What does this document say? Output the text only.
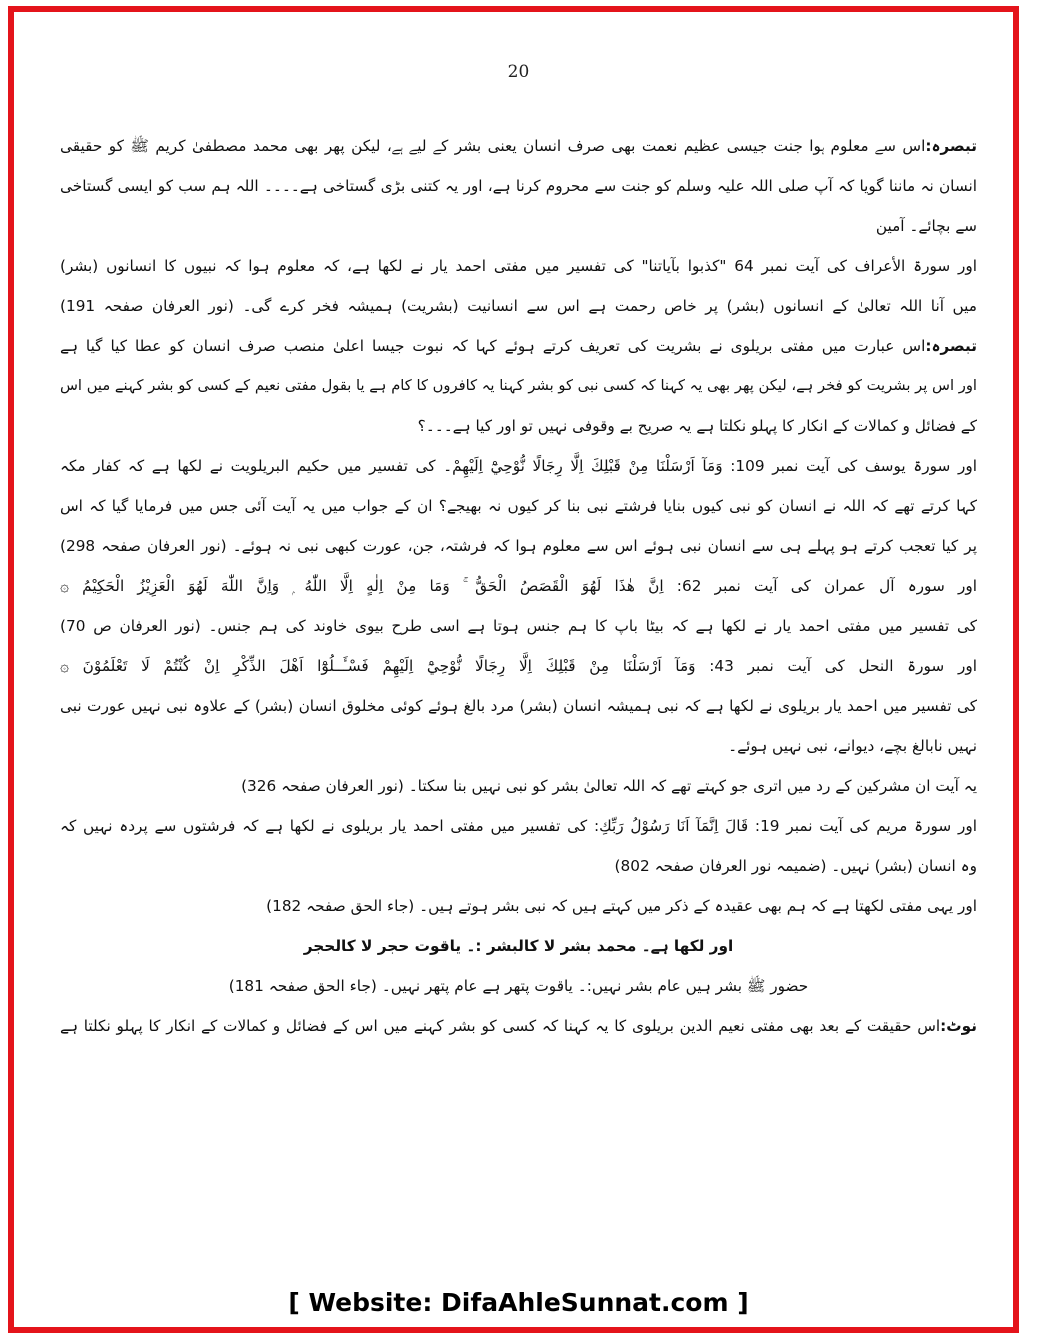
20
تبصرہ:اس سے معلوم ہوا جنت جیسی عظیم نعمت بھی صرف انسان یعنی بشر کے لیے ہے، لیکن پھر بھی محمد مصطفیٰ کریم ﷺ کو حقیقی
انسان نہ ماننا گویا کہ آپ صلی اللہ علیہ وسلم کو جنت سے محروم کرنا ہے، اور یہ کتنی بڑی گستاخی ہے۔۔۔۔ اللہ ہم سب کو ایسی گستاخی
سے بچائے۔ آمین
اور سورۃ الأعراف کی آیت نمبر 64 "کذبوا بآیاتنا" کی تفسیر میں مفتی احمد یار نے لکھا ہے، کہ معلوم ہوا کہ نبیوں کا انسانوں (بشر)
میں آنا اللہ تعالیٰ کے انسانوں (بشر) پر خاص رحمت ہے اس سے انسانیت (بشریت) ہمیشہ فخر کرے گی۔ (نور العرفان صفحہ 191)
تبصرہ:اس عبارت میں مفتی بریلوی نے بشریت کی تعریف کرتے ہوئے کہا کہ نبوت جیسا اعلیٰ منصب صرف انسان کو عطا کیا گیا ہے
اور اس پر بشریت کو فخر ہے، لیکن پھر بھی یہ کہنا کہ کسی نبی کو بشر کہنا یہ کافروں کا کام ہے یا بقول مفتی نعیم کے کسی کو بشر کہنے میں اس
کے فضائل و کمالات کے انکار کا پہلو نکلتا ہے یہ صریح بے وقوفی نہیں تو اور کیا ہے۔۔۔؟
اور سورۃ یوسف کی آیت نمبر 109: وَمَآ اَرْسَلْنَا مِنْ قَبْلِكَ اِلَّا رِجَالًا نُّوْحِيْٓ اِلَيْهِمْ۔ کی تفسیر میں حکیم البریلویت نے لکھا ہے کہ کفار مکہ
کہا کرتے تھے کہ اللہ نے انسان کو نبی کیوں بنایا فرشتے نبی بنا کر کیوں نہ بھیجے؟ ان کے جواب میں یہ آیت آئی جس میں فرمایا گیا کہ اس
پر کیا تعجب کرتے ہو پہلے ہی سے انسان نبی ہوئے اس سے معلوم ہوا کہ فرشتہ، جن، عورت کبھی نبی نہ ہوئے۔ (نور العرفان صفحہ 298)
اور سورہ آل عمران کی آیت نمبر 62: اِنَّ هٰذَا لَهُوَ الْقَصَصُ الْحَقُّ ۚ وَمَا مِنْ اِلٰهٍ اِلَّا اللّٰهُ ۭ وَاِنَّ اللّٰهَ لَهُوَ الْعَزِيْزُ الْحَكِيْمُ ۞
کی تفسیر میں مفتی احمد یار نے لکھا ہے کہ بیٹا باپ کا ہم جنس ہوتا ہے اسی طرح بیوی خاوند کی ہم جنس۔ (نور العرفان ص 70)
اور سورۃ النحل کی آیت نمبر 43: وَمَآ اَرْسَلْنَا مِنْ قَبْلِكَ اِلَّا رِجَالًا نُّوْحِيْٓ اِلَيْهِمْ فَسْـَٔــلُوْٓا اَهْلَ الذِّكْرِ اِنْ كُنْتُمْ لَا تَعْلَمُوْنَ ۞
کی تفسیر میں احمد یار بریلوی نے لکھا ہے کہ نبی ہمیشہ انسان (بشر) مرد بالغ ہوئے کوئی مخلوق انسان (بشر) کے علاوہ نبی نہیں عورت نبی
نہیں نابالغ بچے، دیوانے، نبی نہیں ہوئے۔
یہ آیت ان مشرکین کے رد میں اتری جو کہتے تھے کہ اللہ تعالیٰ بشر کو نبی نہیں بنا سکتا۔ (نور العرفان صفحہ 326)
اور سورۃ مریم کی آیت نمبر 19: قَالَ اِنَّمَآ اَنَا رَسُوْلُ رَبِّكِ: کی تفسیر میں مفتی احمد یار بریلوی نے لکھا ہے کہ فرشتوں سے پردہ نہیں کہ
وہ انسان (بشر) نہیں۔ (ضمیمہ نور العرفان صفحہ 802)
اور یہی مفتی لکھتا ہے کہ ہم بھی عقیدہ کے ذکر میں کہتے ہیں کہ نبی بشر ہوتے ہیں۔ (جاء الحق صفحہ 182)
اور لکھا ہے۔ محمد بشر لا کالبشر :۔ یاقوت حجر لا کالحجر
حضور ﷺ بشر ہیں عام بشر نہیں:۔ یاقوت پتھر ہے عام پتھر نہیں۔ (جاء الحق صفحہ 181)
نوٹ:اس حقیقت کے بعد بھی مفتی نعیم الدین بریلوی کا یہ کہنا کہ کسی کو بشر کہنے میں اس کے فضائل و کمالات کے انکار کا پہلو نکلتا ہے
[ Website: DifaAhleSunnat.com ]
